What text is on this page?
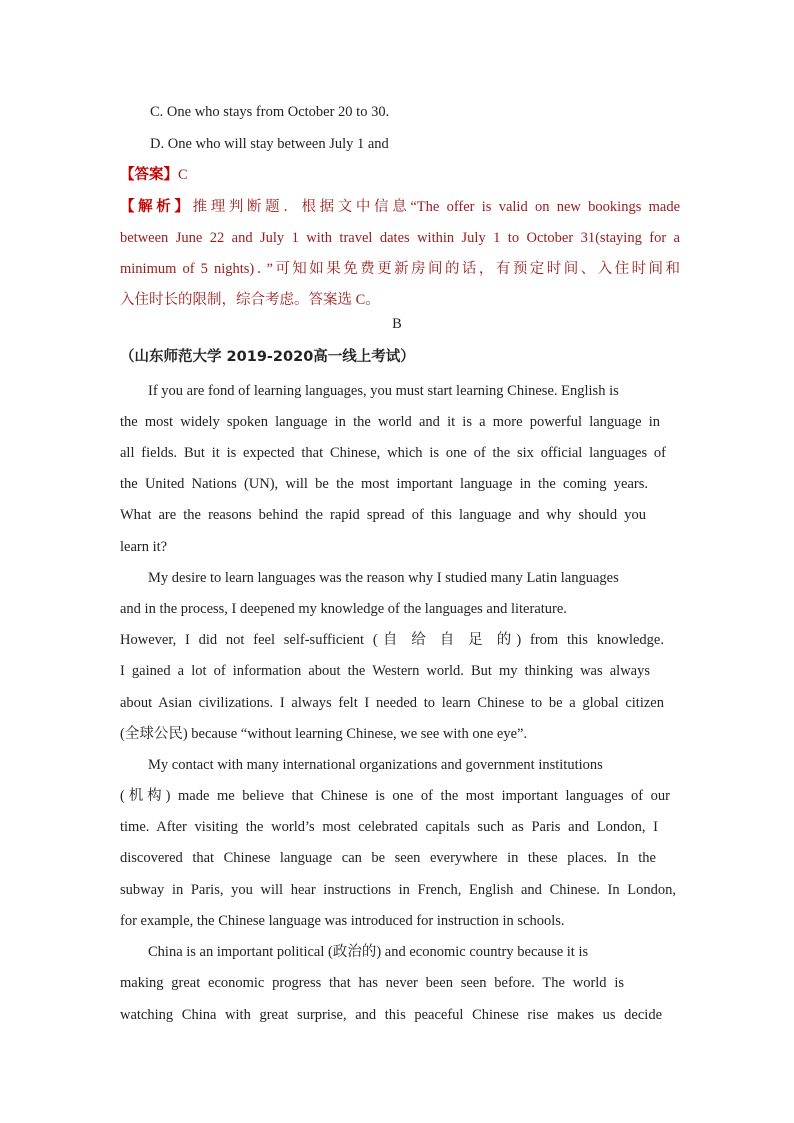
C. One who stays from October 20 to 30.
D. One who will stay between July 1 and
【答案】C
【解析】推理判断题．根据文中信息“The offer is valid on new bookings made
between June 22 and July 1 with travel dates within July 1 to October 31(staying for a
minimum of 5 nights)．”可知如果免费更新房间的话，有预定时间、入住时间和
入住时长的限制，综合考虑。答案选 C。
B
（山东师范大学 2019-2020高一线上考试）
If you are fond of learning languages, you must start learning Chinese. English is
the most widely spoken language in the world and it is a more powerful language in
all fields. But it is expected that Chinese, which is one of the six official languages of
the United Nations (UN), will be the most important language in the coming years.
What are the reasons behind the rapid spread of this language and why should you
learn it?
My desire to learn languages was the reason why I studied many Latin languages
and in the process, I deepened my knowledge of the languages and literature.
However, I did not feel self-sufficient (自 给 自 足 的) from this knowledge.
I gained a lot of information about the Western world. But my thinking was always
about Asian civilizations. I always felt I needed to learn Chinese to be a global citizen
(全球公民) because “without learning Chinese, we see with one eye”.
My contact with many international organizations and government institutions
(机构) made me believe that Chinese is one of the most important languages of our
time. After visiting the world’s most celebrated capitals such as Paris and London, I
discovered that Chinese language can be seen everywhere in these places. In the
subway in Paris, you will hear instructions in French, English and Chinese. In London,
for example, the Chinese language was introduced for instruction in schools.
China is an important political (政治的) and economic country because it is
making great economic progress that has never been seen before. The world is
watching China with great surprise, and this peaceful Chinese rise makes us decide
